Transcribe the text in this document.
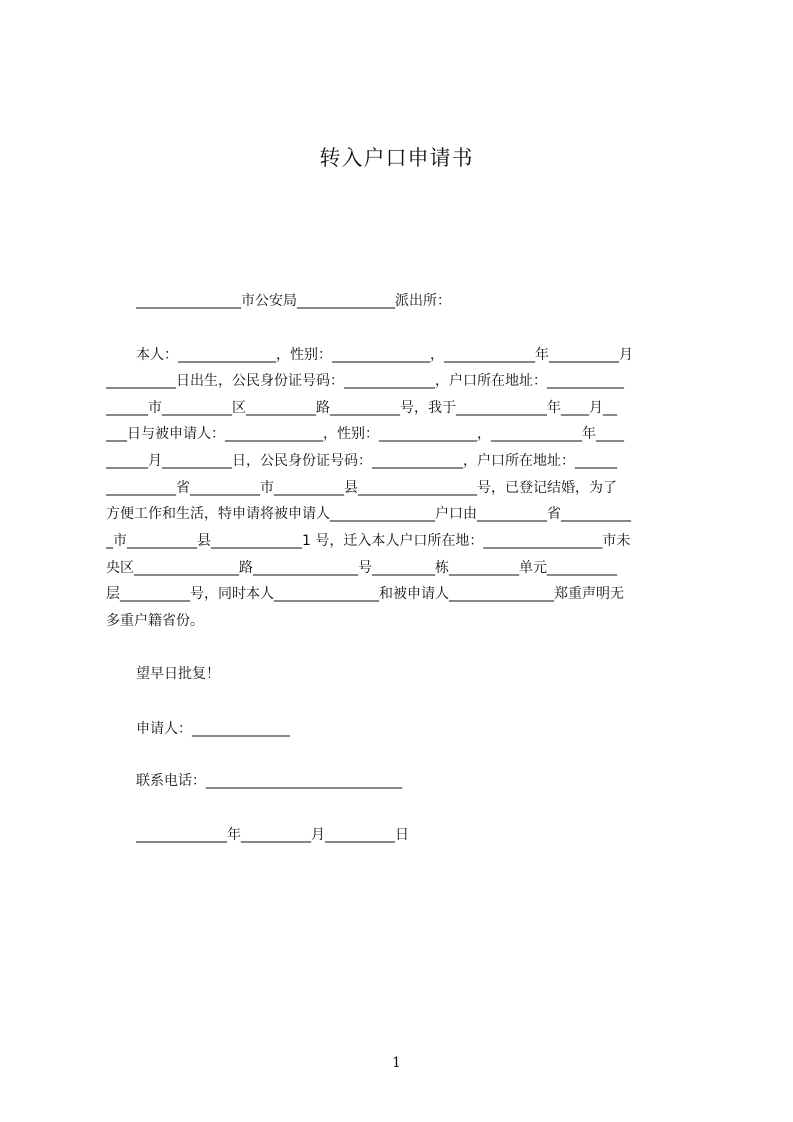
转入户口申请书
_______________市公安局______________派出所：
本人：______________，性别：______________，_____________年__________月
__________日出生，公民身份证号码：_____________，户口所在地址：___________
______市__________区__________路__________号，我于_____________年____月__
___日与被申请人：______________，性别：______________，_____________年____
______月__________日，公民身份证号码：_____________，户口所在地址：______
__________省__________市__________县_________________号，已登记结婚，为了
方便工作和生活，特申请将被申请人_______________户口由__________省__________
_市__________县_____________1 号，迁入本人户口所在地：_________________市未
央区_______________路_______________号_________栋__________单元__________
层__________号，同时本人_______________和被申请人_______________郑重声明无
多重户籍省份。
望早日批复！
申请人：______________
联系电话：____________________________
_____________年__________月__________日
1
